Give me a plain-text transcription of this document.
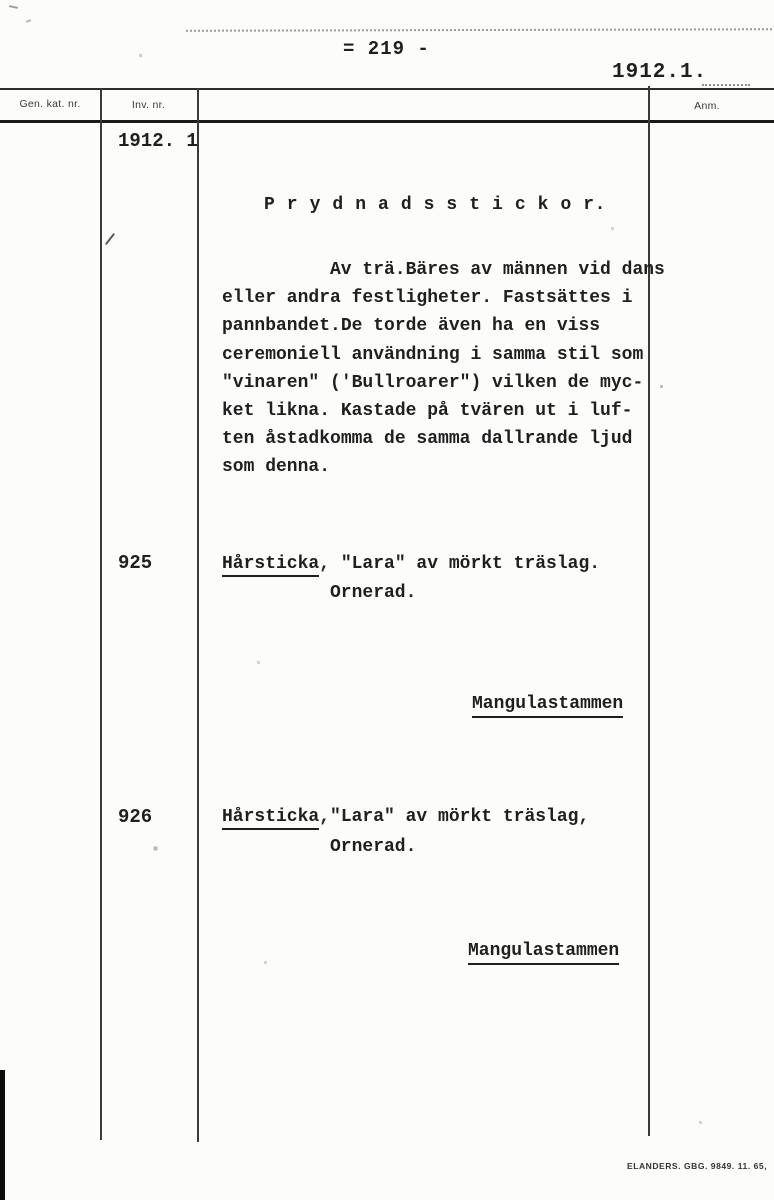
= 219 -
1912.1.
Gen. kat. nr.	Inv. nr.	Anm.
1912. 1
P r y d n a d s s t i c k o r.
Av trä.Bäres av männen vid dans
eller andra festligheter. Fastsättes i
pannbandet.De torde även ha en viss
ceremoniell användning i samma stil som
"vinaren" ('Bullroarer") vilken de myc-
ket likna. Kastade på tvären ut i luf-
ten åstadkomma de samma dallrande ljud
som denna.
925	Hårsticka, "Lara" av mörkt träslag.
Ornerad.
Mangulastammen
926	Hårsticka,"Lara" av mörkt träslag,
Ornerad.
Mangulastammen
ELANDERS. GBG. 9849. 11. 65,
